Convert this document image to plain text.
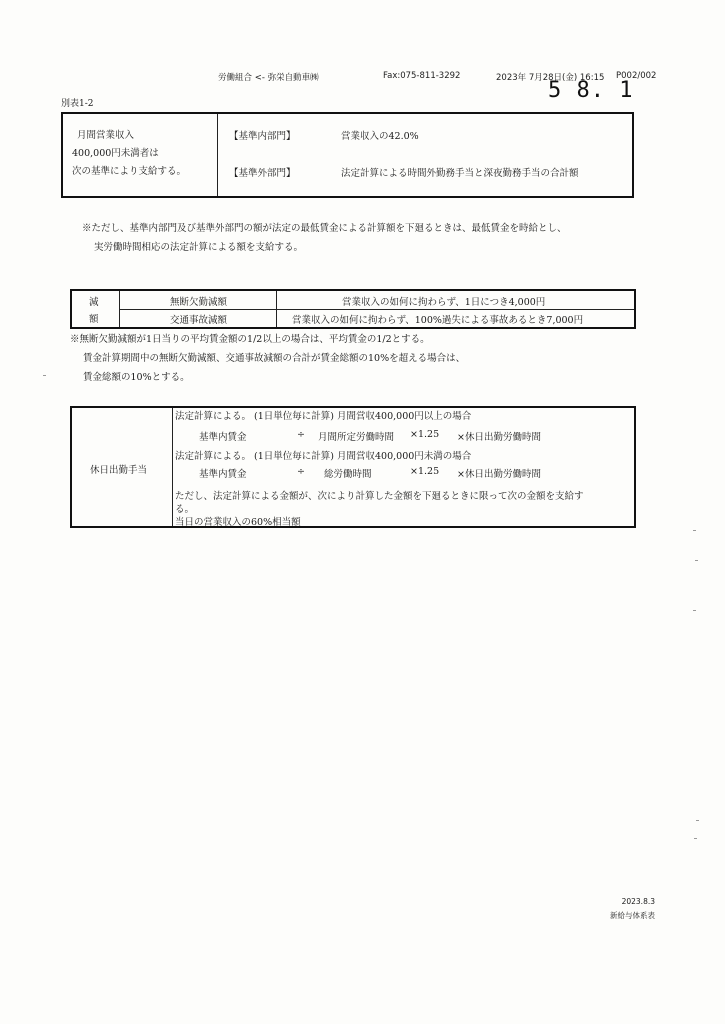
労働組合 <- 弥栄自動車㈱	Fax:075-811-3292	2023年 7月28日(金) 16:15 P002/002
5 8. 1
別表1-2
月間営業収入
400,000円未満者は
次の基準により支給する。
【基準内部門】	営業収入の42.0%
【基準外部門】	法定計算による時間外勤務手当と深夜勤務手当の合計額
※ただし、基準内部門及び基準外部門の額が法定の最低賃金による計算額を下廻るときは、最低賃金を時給とし、
実労働時間相応の法定計算による額を支給する。
減
額
無断欠勤減額	営業収入の如何に拘わらず、1日につき4,000円
交通事故減額	営業収入の如何に拘わらず、100%過失による事故あるとき7,000円
※無断欠勤減額が1日当りの平均賃金額の1/2以上の場合は、平均賃金の1/2とする。
賃金計算期間中の無断欠勤減額、交通事故減額の合計が賃金総額の10%を超える場合は、
賃金総額の10%とする。
休日出勤手当
法定計算による。 (1日単位毎に計算) 月間営収400,000円以上の場合
基準内賃金	÷ 月間所定労働時間 ×1.25 ×休日出勤労働時間
法定計算による。 (1日単位毎に計算) 月間営収400,000円未満の場合
基準内賃金	÷ 総労働時間	×1.25 ×休日出勤労働時間
ただし、法定計算による金額が、次により計算した金額を下廻るときに限って次の金額を支給す
る。
当日の営業収入の60%相当額
2023.8.3
新給与体系表
